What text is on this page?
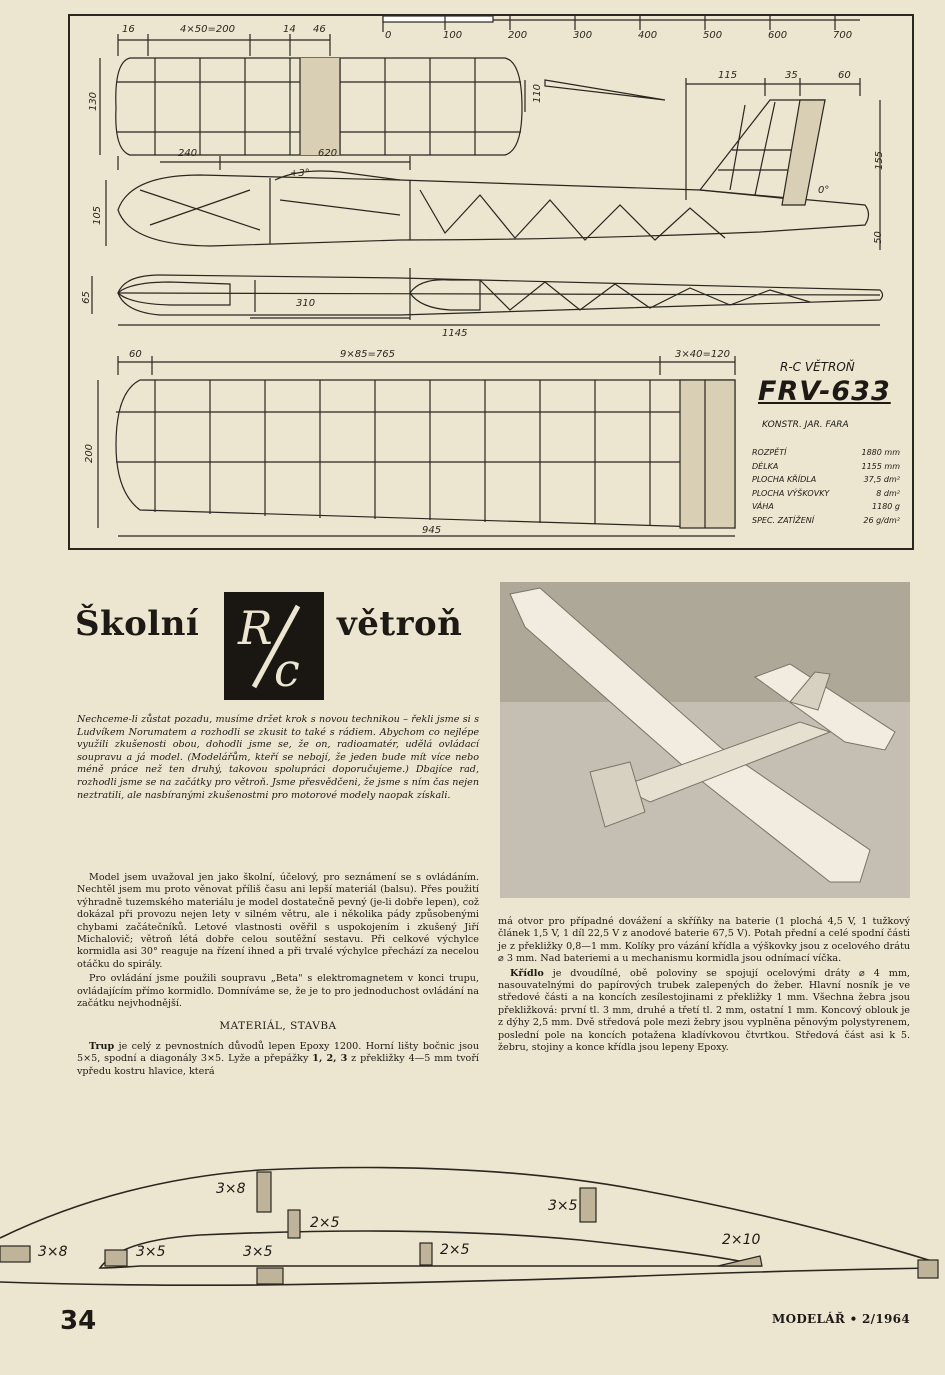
16	4×50=200	14 46
0	100	200	300	400	500	600	700
130	110
115	35	60
240	620
+3°
0°
105
155
50
65	310
1145
60	9×85=765	3×40=120
200
945
R-C VĚTROŇ
FRV-633
KONSTR. JAR. FARA
ROZPĚTÍ	1880 mm
DÉLKA	1155 mm
PLOCHA KŘÍDLA	37,5 dm²
PLOCHA VÝŠKOVKY	8 dm²
VÁHA	1180 g
SPEC. ZATÍŽENÍ	26 g/dm²
Školní R
c
větroň
Nechceme-li zůstat pozadu, musíme držet krok s novou technikou – řekli jsme si s Ludvíkem Norumatem a rozhodli se zkusit to také s rádiem. Abychom co nejlépe využili zkušenosti obou, dohodli jsme se, že on, radioamatér, udělá ovládací soupravu a já model. (Modelářům, kteří se nebojí, že jeden bude mít více nebo méně práce než ten druhý, takovou spolupráci doporučujeme.) Dbajíce rad, rozhodli jsme se na začátky pro větroň. Jsme přesvědčeni, že jsme s ním čas nejen neztratili, ale nasbíranými zkušenostmi pro motorové modely naopak získali.

Model jsem uvažoval jen jako školní, účelový, pro seznámení se s ovládáním. Nechtěl jsem mu proto věnovat příliš času ani lepší materiál (balsu). Přes použití výhradně tuzemského materiálu je model dostatečně pevný (je-li dobře lepen), což dokázal při provozu nejen lety v silném větru, ale i několika pády způsobenými chybami začátečníků. Letové vlastnosti ověřil s uspokojením i zkušený Jiří Michalovič; větroň létá dobře celou soutěžní sestavu. Při celkové výchylce kormidla asi 30° reaguje na řízení ihned a při trvalé výchylce přechází za necelou otáčku do spirály.

Pro ovládání jsme použili soupravu „Beta" s elektromagnetem v konci trupu, ovládajícím přímo kormidlo. Domníváme se, že je to pro jednoduchost ovládání na začátku nejvhodnější.

MATERIÁL, STAVBA

Trup je celý z pevnostních důvodů lepen Epoxy 1200. Horní lišty bočnic jsou 5×5, spodní a diagonály 3×5. Lyže a přepážky 1, 2, 3 z překližky 4—5 mm tvoří vpředu kostru hlavice, která

má otvor pro případné dovážení a skříňky na baterie (1 plochá 4,5 V, 1 tužkový článek 1,5 V, 1 díl 22,5 V z anodové baterie 67,5 V). Potah přední a celé spodní části je z překližky 0,8—1 mm. Kolíky pro vázání křídla a výškovky jsou z ocelového drátu ⌀ 3 mm. Nad bateriemi a u mechanismu kormidla jsou odnímací víčka.

Křídlo je dvoudílné, obě poloviny se spojují ocelovými dráty ⌀ 4 mm, nasouvatelnými do papírových trubek zalepených do žeber. Hlavní nosník je ve středové části a na koncích zesílestojinami z překližky 1 mm. Všechna žebra jsou překližková: první tl. 3 mm, druhé a třetí tl. 2 mm, ostatní 1 mm. Koncový oblouk je z dýhy 2,5 mm. Dvě středová pole mezi žebry jsou vyplněna pěnovým polystyrenem, poslední pole na koncích potažena kladívkovou čtvrtkou. Středová část asi k 5. žebru, stojiny a konce křídla jsou lepeny Epoxy.

3×8
2×5
3×5
3×8	3×5	3×5	2×5
2×10
34	MODELÁŘ • 2/1964
